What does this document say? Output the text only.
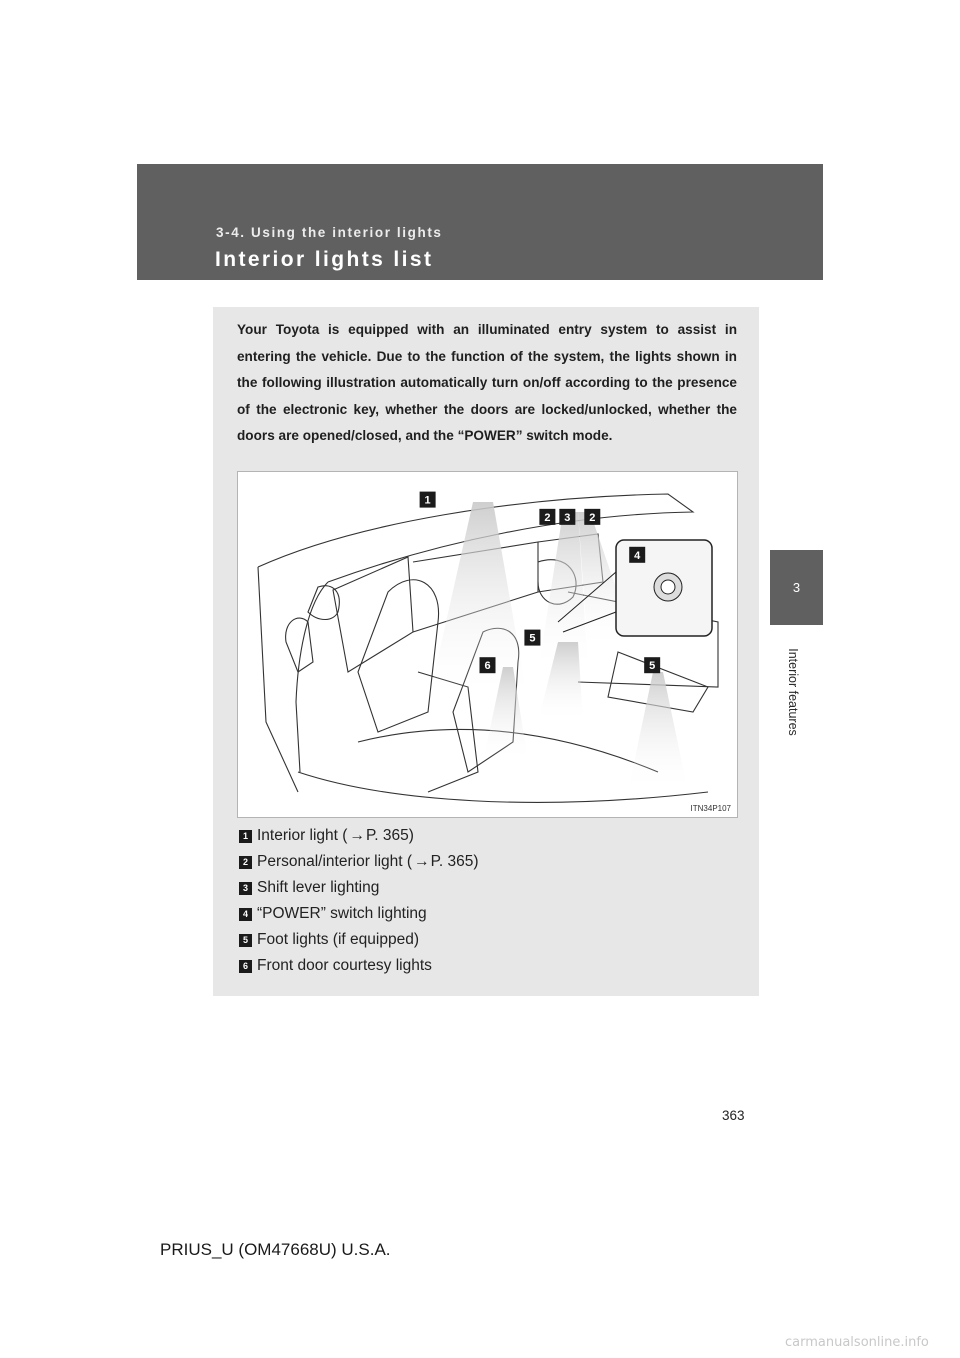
3-4. Using the interior lights
Interior lights list
3
Interior features

Your Toyota is equipped with an illuminated entry system to assist in entering the vehicle. Due to the function of the system, the lights shown in the following illustration automatically turn on/off according to the presence of the electronic key, whether the doors are locked/unlocked, whether the doors are opened/closed, and the “POWER” switch mode.

1
2 3 2
4
5
6	5
ITN34P107
1 Interior light ( → P. 365 )
2 Personal/interior light ( → P. 365 )
3 Shift lever lighting
4 “POWER” switch lighting
5 Foot lights (if equipped)
6 Front door courtesy lights
363
PRIUS_U (OM47668U) U.S.A.
carmanualsonline.info
